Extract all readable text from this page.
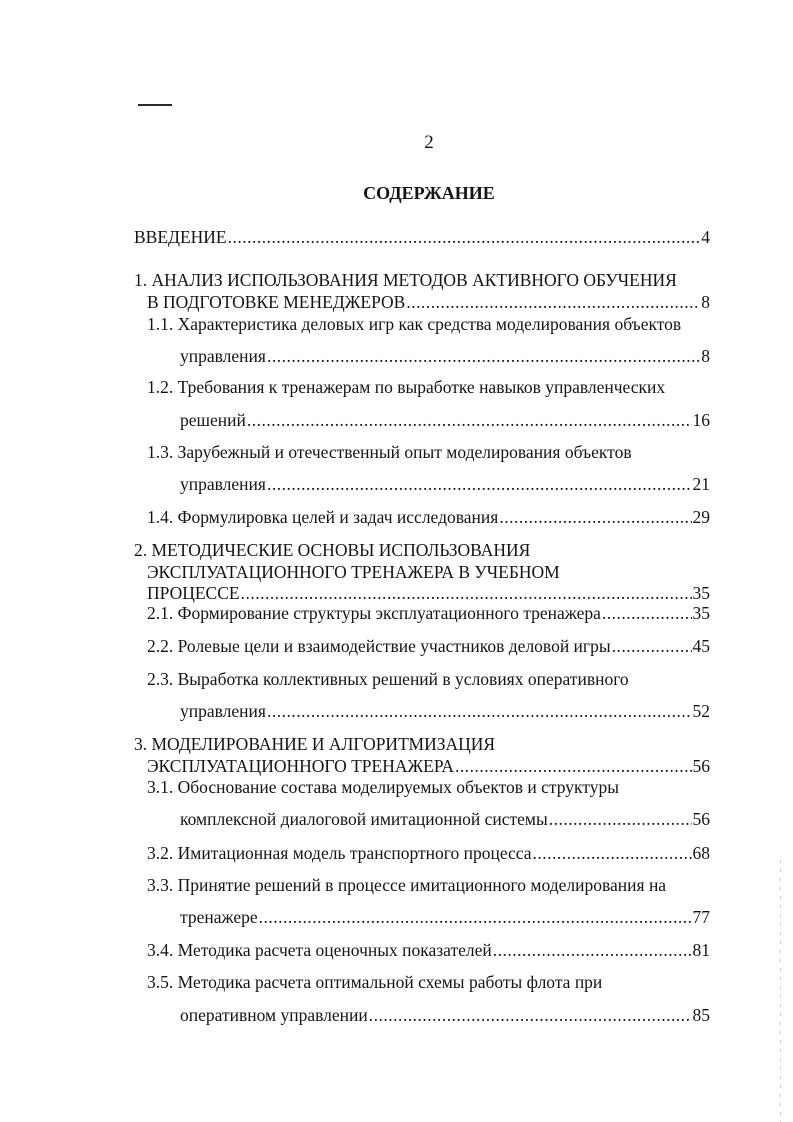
2
СОДЕРЖАНИЕ
ВВЕДЕНИЕ .....	4
1. АНАЛИЗ ИСПОЛЬЗОВАНИЯ МЕТОДОВ АКТИВНОГО ОБУЧЕНИЯ
В ПОДГОТОВКЕ МЕНЕДЖЕРОВ .....	8
1.1. Характеристика деловых игр как средства моделирования объектов
управления .....	8
1.2. Требования к тренажерам по выработке навыков управленческих
решений .....	16
1.3. Зарубежный и отечественный опыт моделирования объектов
управления .....	21
1.4. Формулировка целей и задач исследования .....	29
2. МЕТОДИЧЕСКИЕ ОСНОВЫ ИСПОЛЬЗОВАНИЯ
ЭКСПЛУАТАЦИОННОГО ТРЕНАЖЕРА В УЧЕБНОМ
ПРОЦЕССЕ .....	35
2.1. Формирование структуры эксплуатационного тренажера .....	35
2.2. Ролевые цели и взаимодействие участников деловой игры .....	45
2.3. Выработка коллективных решений в условиях оперативного
управления .....	52
3. МОДЕЛИРОВАНИЕ И АЛГОРИТМИЗАЦИЯ
ЭКСПЛУАТАЦИОННОГО ТРЕНАЖЕРА .....	56
3.1. Обоснование состава моделируемых объектов и структуры
комплексной диалоговой имитационной системы .....	56
3.2. Имитационная модель транспортного процесса .....	68
3.3. Принятие решений в процессе имитационного моделирования на
тренажере .....	77
3.4. Методика расчета оценочных показателей .....	81
3.5. Методика расчета оптимальной схемы работы флота при
оперативном управлении .....	85
